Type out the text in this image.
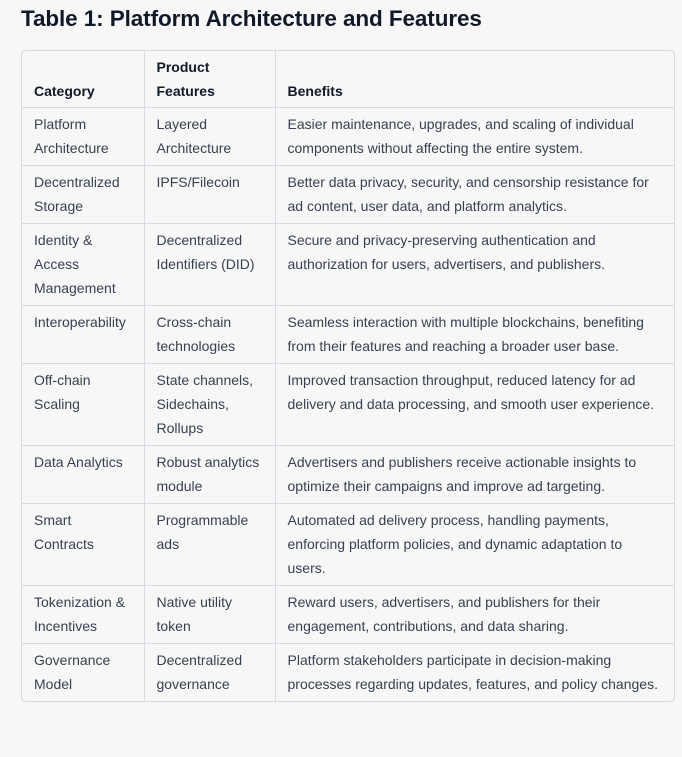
Table 1: Platform Architecture and Features
Category	Product Features	Benefits
Platform Architecture	Layered Architecture	Easier maintenance, upgrades, and scaling of individual components without affecting the entire system.
Decentralized Storage	IPFS/Filecoin	Better data privacy, security, and censorship resistance for ad content, user data, and platform analytics.
Identity & Access Management	Decentralized Identifiers (DID)	Secure and privacy-preserving authentication and authorization for users, advertisers, and publishers.
Interoperability	Cross-chain technologies	Seamless interaction with multiple blockchains, benefiting from their features and reaching a broader user base.
Off-chain Scaling	State channels, Sidechains, Rollups	Improved transaction throughput, reduced latency for ad delivery and data processing, and smooth user experience.
Data Analytics	Robust analytics module	Advertisers and publishers receive actionable insights to optimize their campaigns and improve ad targeting.
Smart Contracts	Programmable ads	Automated ad delivery process, handling payments, enforcing platform policies, and dynamic adaptation to users.
Tokenization & Incentives	Native utility token	Reward users, advertisers, and publishers for their engagement, contributions, and data sharing.
Governance Model	Decentralized governance	Platform stakeholders participate in decision-making processes regarding updates, features, and policy changes.
